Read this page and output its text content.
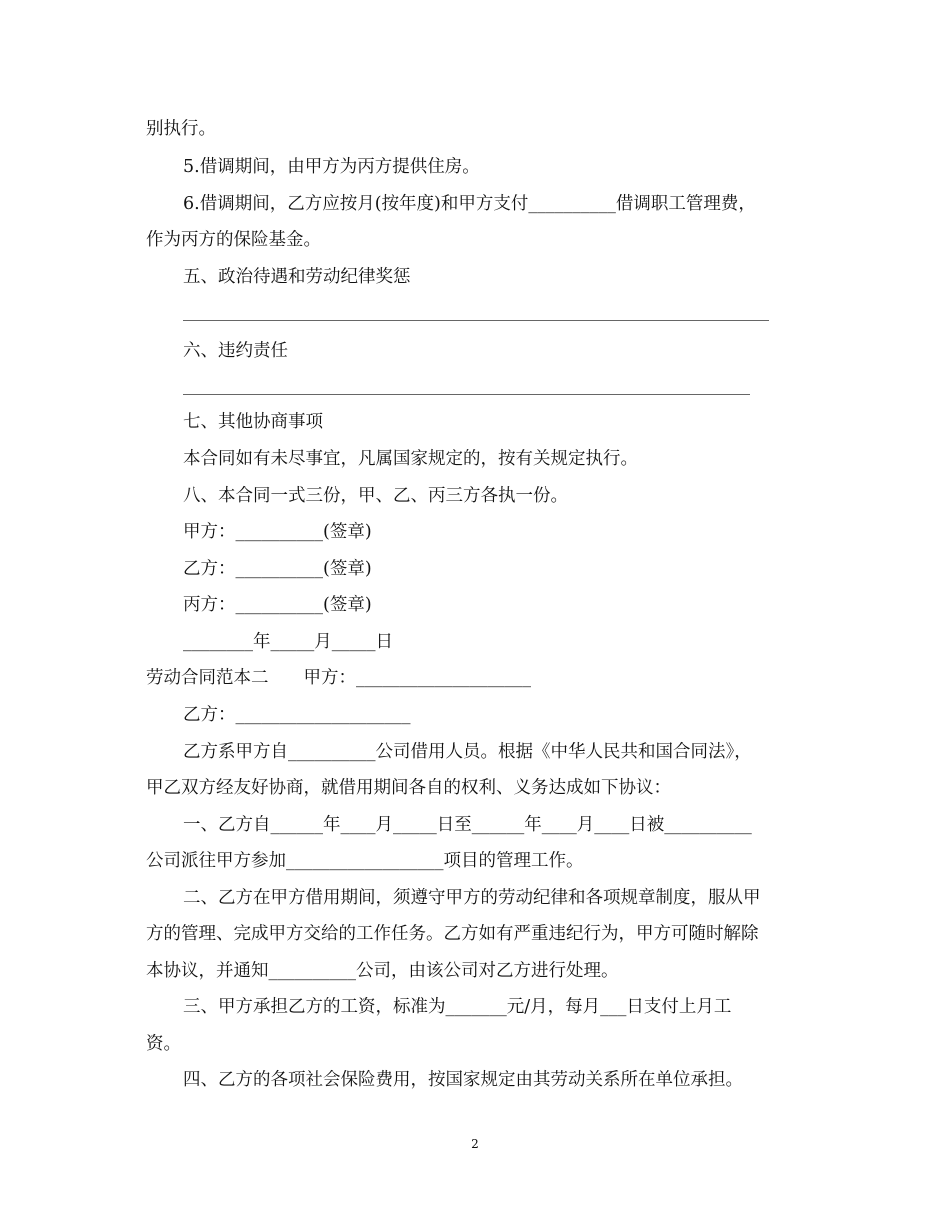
别执行。
5.借调期间，由甲方为丙方提供住房。
6.借调期间，乙方应按月(按年度)和甲方支付__________借调职工管理费，
作为丙方的保险基金。
五、政治待遇和劳动纪律奖惩
六、违约责任
七、其他协商事项
本合同如有未尽事宜，凡属国家规定的，按有关规定执行。
八、本合同一式三份，甲、乙、丙三方各执一份。
甲方：__________(签章)
乙方：__________(签章)
丙方：__________(签章)
________年_____月_____日
劳动合同范本二　　甲方：____________________
乙方：____________________
乙方系甲方自__________公司借用人员。根据《中华人民共和国合同法》，
甲乙双方经友好协商，就借用期间各自的权利、义务达成如下协议：
一、乙方自______年____月_____日至______年____月____日被__________
公司派往甲方参加__________________项目的管理工作。
二、乙方在甲方借用期间，须遵守甲方的劳动纪律和各项规章制度，服从甲
方的管理、完成甲方交给的工作任务。乙方如有严重违纪行为，甲方可随时解除
本协议，并通知__________公司，由该公司对乙方进行处理。
三、甲方承担乙方的工资，标准为_______元/月，每月___日支付上月工
资。
四、乙方的各项社会保险费用，按国家规定由其劳动关系所在单位承担。
2
